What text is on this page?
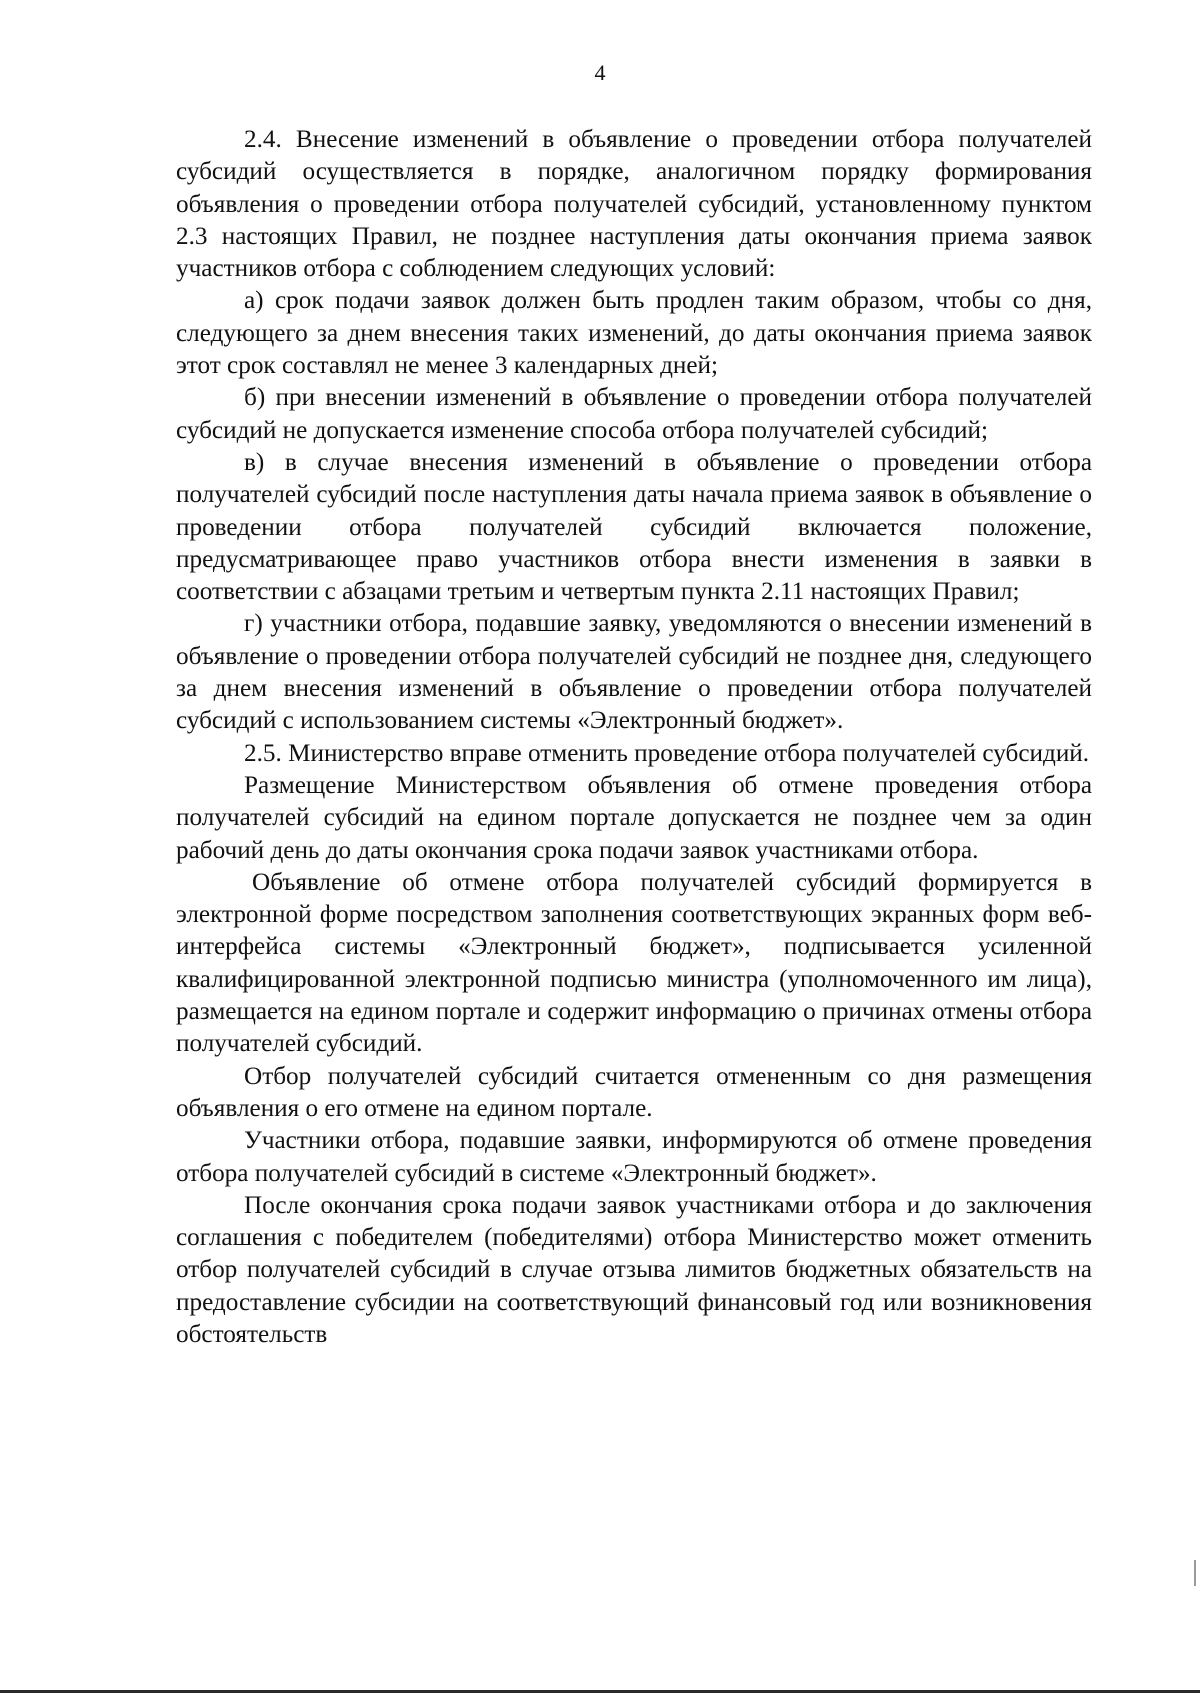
4

2.4. Внесение изменений в объявление о проведении отбора получателей субсидий осуществляется в порядке, аналогичном порядку формирования объявления о проведении отбора получателей субсидий, установленному пунктом 2.3 настоящих Правил, не позднее наступления даты окончания приема заявок участников отбора с соблюдением следующих условий:

а) срок подачи заявок должен быть продлен таким образом, чтобы со дня, следующего за днем внесения таких изменений, до даты окончания приема заявок этот срок составлял не менее 3 календарных дней;

б) при внесении изменений в объявление о проведении отбора получателей субсидий не допускается изменение способа отбора получателей субсидий;

в) в случае внесения изменений в объявление о проведении отбора получателей субсидий после наступления даты начала приема заявок в объявление о проведении отбора получателей субсидий включается положение, предусматривающее право участников отбора внести изменения в заявки в соответствии с абзацами третьим и четвертым пункта 2.11 настоящих Правил;

г) участники отбора, подавшие заявку, уведомляются о внесении изменений в объявление о проведении отбора получателей субсидий не позднее дня, следующего за днем внесения изменений в объявление о проведении отбора получателей субсидий с использованием системы «Электронный бюджет».

2.5. Министерство вправе отменить проведение отбора получателей субсидий.

Размещение Министерством объявления об отмене проведения отбора получателей субсидий на едином портале допускается не позднее чем за один рабочий день до даты окончания срока подачи заявок участниками отбора.

Объявление об отмене отбора получателей субсидий формируется в электронной форме посредством заполнения соответствующих экранных форм веб-интерфейса системы «Электронный бюджет», подписывается усиленной квалифицированной электронной подписью министра (уполномоченного им лица), размещается на едином портале и содержит информацию о причинах отмены отбора получателей субсидий.

Отбор получателей субсидий считается отмененным со дня размещения объявления о его отмене на едином портале.

Участники отбора, подавшие заявки, информируются об отмене проведения отбора получателей субсидий в системе «Электронный бюджет».

После окончания срока подачи заявок участниками отбора и до заключения соглашения с победителем (победителями) отбора Министерство может отменить отбор получателей субсидий в случае отзыва лимитов бюджетных обязательств на предоставление субсидии на соответствующий финансовый год или возникновения обстоятельств
